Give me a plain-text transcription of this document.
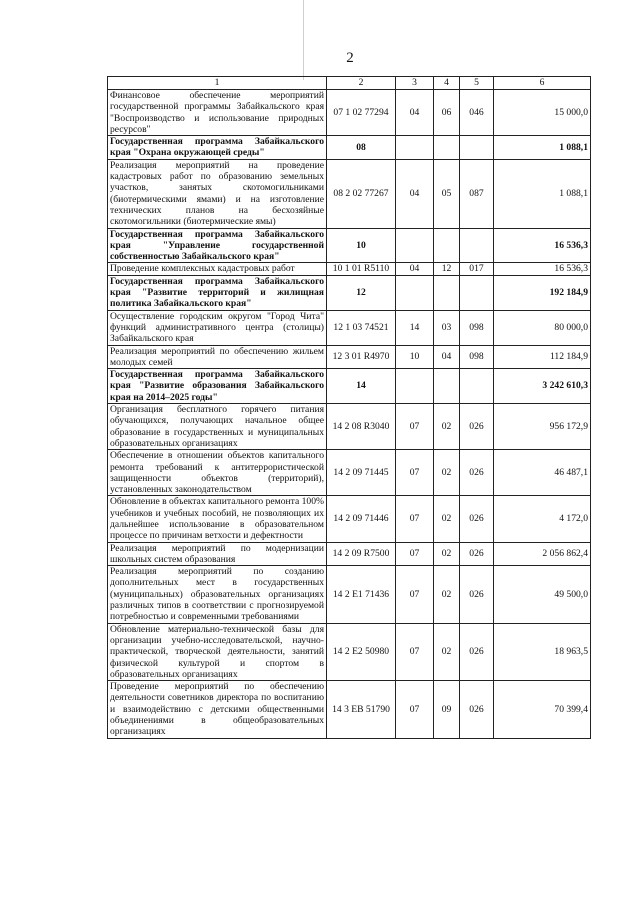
2
1	2	3	4	5	6
Финансовое обеспечение мероприятий государственной программы Забайкальского края "Воспроизводство и использование природных ресурсов"	07 1 02 77294	04	06	046	15 000,0
Государственная программа Забайкальского края "Охрана окружающей среды"	08				1 088,1
Реализация мероприятий на проведение кадастровых работ по образованию земельных участков, занятых скотомогильниками (биотермическими ямами) и на изготовление технических планов на бесхозяйные скотомогильники (биотермические ямы)	08 2 02 77267	04	05	087	1 088,1
Государственная программа Забайкальского края "Управление государственной собственностью Забайкальского края"	10				16 536,3
Проведение комплексных кадастровых работ	10 1 01 R5110	04	12	017	16 536,3
Государственная программа Забайкальского края "Развитие территорий и жилищная политика Забайкальского края"	12				192 184,9
Осуществление городским округом "Город Чита" функций административного центра (столицы) Забайкальского края	12 1 03 74521	14	03	098	80 000,0
Реализация мероприятий по обеспечению жильем молодых семей	12 3 01 R4970	10	04	098	112 184,9
Государственная программа Забайкальского края "Развитие образования Забайкальского края на 2014–2025 годы"	14				3 242 610,3
Организация бесплатного горячего питания обучающихся, получающих начальное общее образование в государственных и муниципальных образовательных организациях	14 2 08 R3040	07	02	026	956 172,9
Обеспечение в отношении объектов капитального ремонта требований к антитеррористической защищенности объектов (территорий), установленных законодательством	14 2 09 71445	07	02	026	46 487,1
Обновление в объектах капитального ремонта 100% учебников и учебных пособий, не позволяющих их дальнейшее использование в образовательном процессе по причинам ветхости и дефектности	14 2 09 71446	07	02	026	4 172,0
Реализация мероприятий по модернизации школьных систем образования	14 2 09 R7500	07	02	026	2 056 862,4
Реализация мероприятий по созданию дополнительных мест в государственных (муниципальных) образовательных организациях различных типов в соответствии с прогнозируемой потребностью и современными требованиями	14 2 E1 71436	07	02	026	49 500,0
Обновление материально-технической базы для организации учебно-исследовательской, научно-практической, творческой деятельности, занятий физической культурой и спортом в образовательных организациях	14 2 E2 50980	07	02	026	18 963,5
Проведение мероприятий по обеспечению деятельности советников директора по воспитанию и взаимодействию с детскими общественными объединениями в общеобразовательных организациях	14 3 EB 51790	07	09	026	70 399,4
